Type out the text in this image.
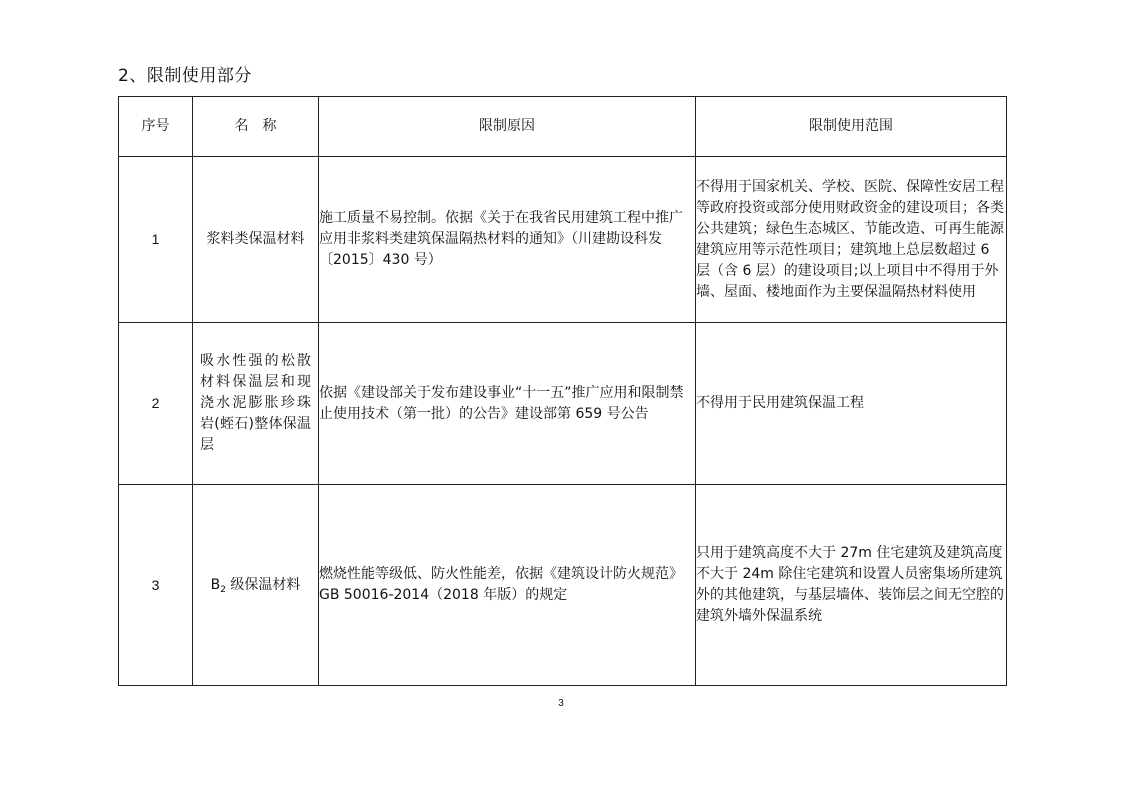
2、限制使用部分
序号	名　称	限制原因	限制使用范围
1	浆料类保温材料	施工质量不易控制。依据《关于在我省民用建筑工程中推广应用非浆料类建筑保温隔热材料的通知》（川建勘设科发〔2015〕430 号）	不得用于国家机关、学校、医院、保障性安居工程等政府投资或部分使用财政资金的建设项目；各类公共建筑；绿色生态城区、节能改造、可再生能源建筑应用等示范性项目；建筑地上总层数超过 6 层（含 6 层）的建设项目;以上项目中不得用于外墙、屋面、楼地面作为主要保温隔热材料使用
2	吸水性强的松散材料保温层和现浇水泥膨胀珍珠岩(蛭石)整体保温层	依据《建设部关于发布建设事业“十一五”推广应用和限制禁止使用技术（第一批）的公告》建设部第 659 号公告	不得用于民用建筑保温工程
3	$B_2$ 级保温材料	燃烧性能等级低、防火性能差，依据《建筑设计防火规范》GB 50016-2014（2018 年版）的规定	只用于建筑高度不大于 27m 住宅建筑及建筑高度不大于 24m 除住宅建筑和设置人员密集场所建筑外的其他建筑，与基层墙体、装饰层之间无空腔的建筑外墙外保温系统
3
